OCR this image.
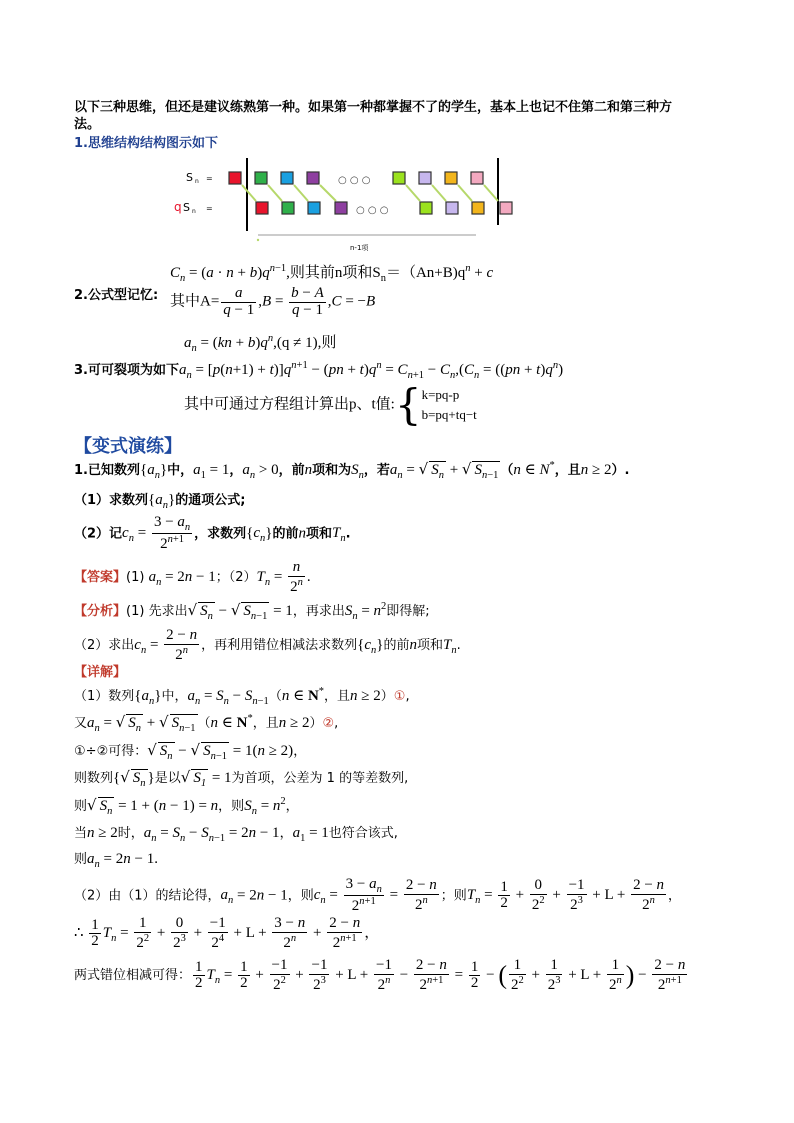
以下三种思维，但还是建议练熟第一种。如果第一种都掌握不了的学生，基本上也记不住第二和第三种方
法。
1.思维结构结构图示如下
S n =
q S n =
○ ○ ○
○ ○ ○
n-1项
$C_n = (a \cdot n + b)q^{n-1}$,则其前n项和$S_n=(An+B)q^n + c$
2.公式型记忆: 其中$A= \frac{a}{q - 1} ,B = \frac{b - A}{q - 1} ,C = -B$
$a_n = (kn + b)q^n,(q \ne 1)$,则
3.可可裂项为如下$a_n = [p(n+1) + t)]q^{n+1} - (pn + t)q^n = C_{n+1} - C_n,(C_n = ((pn + t)q^n)$
其中可通过方程组计算出p、t值:{ k=pq-p
b=pq+tq−t
【变式演练】
1.已知数列$\{a_n\}$中，$a_1 = 1$，$a_n > 0$，前n项和为$S_n$，若$a_n$ = √ $S_n$ + √ $S_{n-1}$ （n ∈ N*，且n ≥ 2）.
（1）求数列$\{a_n\}$的通项公式;
（2）记$c_n = \frac{3 - a_n}{2^{n+1}}$ ，求数列$\{c_n\}$的前n项和$T_n$.
【答案】(1) $a_n = 2n - 1$；$(2)T_n = \frac{n}{2^n}$ .
【分析】(1) 先求出√ $S_n$ − √ $S_{n-1} = 1$，再求出$S_n = n^2$即得解;
（2）求出$c_n = \frac{2 - n}{2^n}$ ，再利用错位相减法求数列$\{c_n\}$的前n项和$T_n$.
【详解】
（1）数列$\{a_n\}$中，$a_n = S_n - S_{n-1}(n$ ∈ N*，且n ≥ 2）①,
又$a_n$ = √ $S_n$ + √ $S_{n-1}$ （n ∈ N*，且n ≥ 2）②,
①÷②可得：√ $S_n$ − √ $S_{n-1} = 1(n \ge 2)$，
则数列{√ $S_n$ }是以√ $S_1 = 1$为首项，公差为 1 的等差数列,
则√ $S_n = 1 + (n - 1) = n$，则$S_n = n^2$，
当n ≥ 2时，$a_n = S_n - S_{n-1} = 2n - 1$，$a_1 = 1$也符合该式,
则$a_n = 2n - 1$.
（2）由（1）的结论得，$a_n = 2n - 1$，则$c_n = \frac{3 - a_n}{2^{n+1}} = \frac{2 - n}{2^n}$ ；则$T_n = \frac{1}{2} + \frac{0}{2^2} + \frac{-1}{2^3} + L + \frac{2 - n}{2^n}$ ，
∴ $\frac{1}{2} T_n = \frac{1}{2^2} + \frac{0}{2^3} + \frac{-1}{2^4} + L + \frac{3 - n}{2^n} + \frac{2 - n}{2^{n+1}}$ ，
两式错位相减可得： $\frac{1}{2} T_n = \frac{1}{2} + \frac{-1}{2^2} + \frac{-1}{2^3} + L + \frac{-1}{2^n} - \frac{2 - n}{2^{n+1}} = \frac{1}{2}$ − ( $\frac{1}{2^2} + \frac{1}{2^3} + L + \frac{1}{2^n}$ ) − $\frac{2 - n}{2^{n+1}}$
